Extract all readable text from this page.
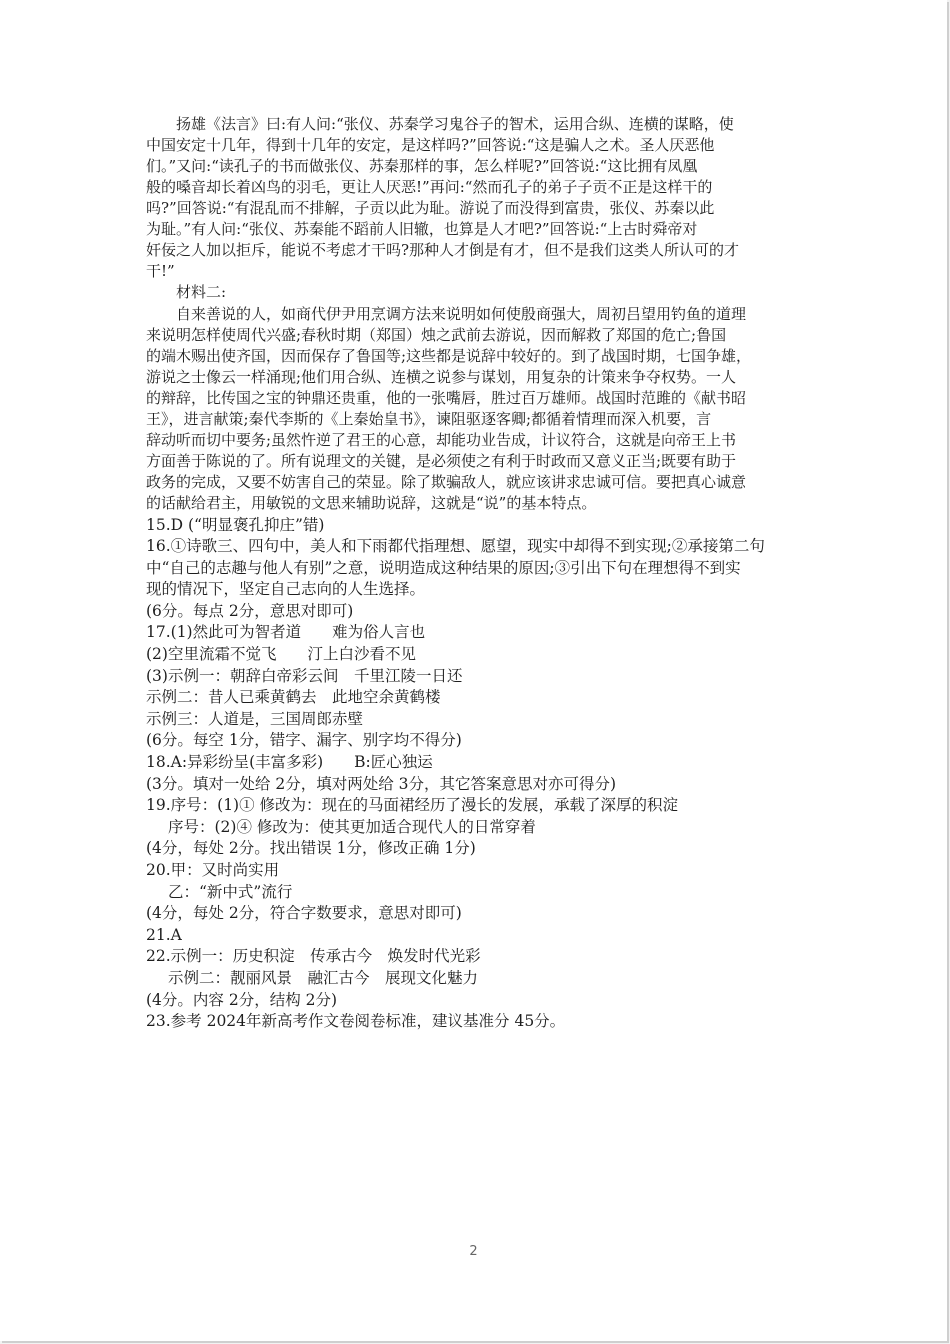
扬雄《法言》曰:有人问:“张仪、苏秦学习鬼谷子的智术，运用合纵、连横的谋略，使
中国安定十几年，得到十几年的安定，是这样吗?”回答说:“这是骗人之术。圣人厌恶他
们。”又问:“读孔子的书而做张仪、苏秦那样的事，怎么样呢?”回答说:“这比拥有凤凰
般的嗓音却长着凶鸟的羽毛，更让人厌恶!”再问:“然而孔子的弟子子贡不正是这样干的
吗?”回答说:“有混乱而不排解，子贡以此为耻。游说了而没得到富贵，张仪、苏秦以此
为耻。”有人问:“张仪、苏秦能不蹈前人旧辙，也算是人才吧?”回答说:“上古时舜帝对
奸佞之人加以拒斥，能说不考虑才干吗?那种人才倒是有才，但不是我们这类人所认可的才
干!”
材料二:
自来善说的人，如商代伊尹用烹调方法来说明如何使殷商强大，周初吕望用钓鱼的道理
来说明怎样使周代兴盛;春秋时期（郑国）烛之武前去游说，因而解救了郑国的危亡;鲁国
的端木赐出使齐国，因而保存了鲁国等;这些都是说辞中较好的。到了战国时期，七国争雄，
游说之士像云一样涌现;他们用合纵、连横之说参与谋划，用复杂的计策来争夺权势。一人
的辩辞，比传国之宝的钟鼎还贵重，他的一张嘴唇，胜过百万雄师。战国时范雎的《献书昭
王》，进言献策;秦代李斯的《上秦始皇书》，谏阻驱逐客卿;都循着情理而深入机要，言
辞动听而切中要务;虽然忤逆了君王的心意，却能功业告成，计议符合，这就是向帝王上书
方面善于陈说的了。所有说理文的关键，是必须使之有利于时政而又意义正当;既要有助于
政务的完成，又要不妨害自己的荣显。除了欺骗敌人，就应该讲求忠诚可信。要把真心诚意
的话献给君主，用敏锐的文思来辅助说辞，这就是“说”的基本特点。
15.D (“明显褒孔抑庄”错)
16.①诗歌三、四句中，美人和下雨都代指理想、愿望，现实中却得不到实现;②承接第二句
中“自己的志趣与他人有别”之意，说明造成这种结果的原因;③引出下句在理想得不到实
现的情况下，坚定自己志向的人生选择。
(6分。每点 2分，意思对即可)
17.(1)然此可为智者道　　难为俗人言也
(2)空里流霜不觉飞　　汀上白沙看不见
(3)示例一：朝辞白帝彩云间　千里江陵一日还
示例二：昔人已乘黄鹤去　此地空余黄鹤楼
示例三：人道是，三国周郎赤壁
(6分。每空 1分，错字、漏字、别字均不得分)
18.A:异彩纷呈(丰富多彩)　　B:匠心独运
(3分。填对一处给 2分，填对两处给 3分，其它答案意思对亦可得分)
19.序号：(1)① 修改为：现在的马面裙经历了漫长的发展，承载了深厚的积淀
序号：(2)④ 修改为：使其更加适合现代人的日常穿着
(4分，每处 2分。找出错误 1分，修改正确 1分)
20.甲：又时尚实用
乙：“新中式”流行
(4分，每处 2分，符合字数要求，意思对即可)
21.A
22.示例一：历史积淀　传承古今　焕发时代光彩
示例二：靓丽风景　融汇古今　展现文化魅力
(4分。内容 2分，结构 2分)
23.参考 2024年新高考作文卷阅卷标准，建议基准分 45分。
2
